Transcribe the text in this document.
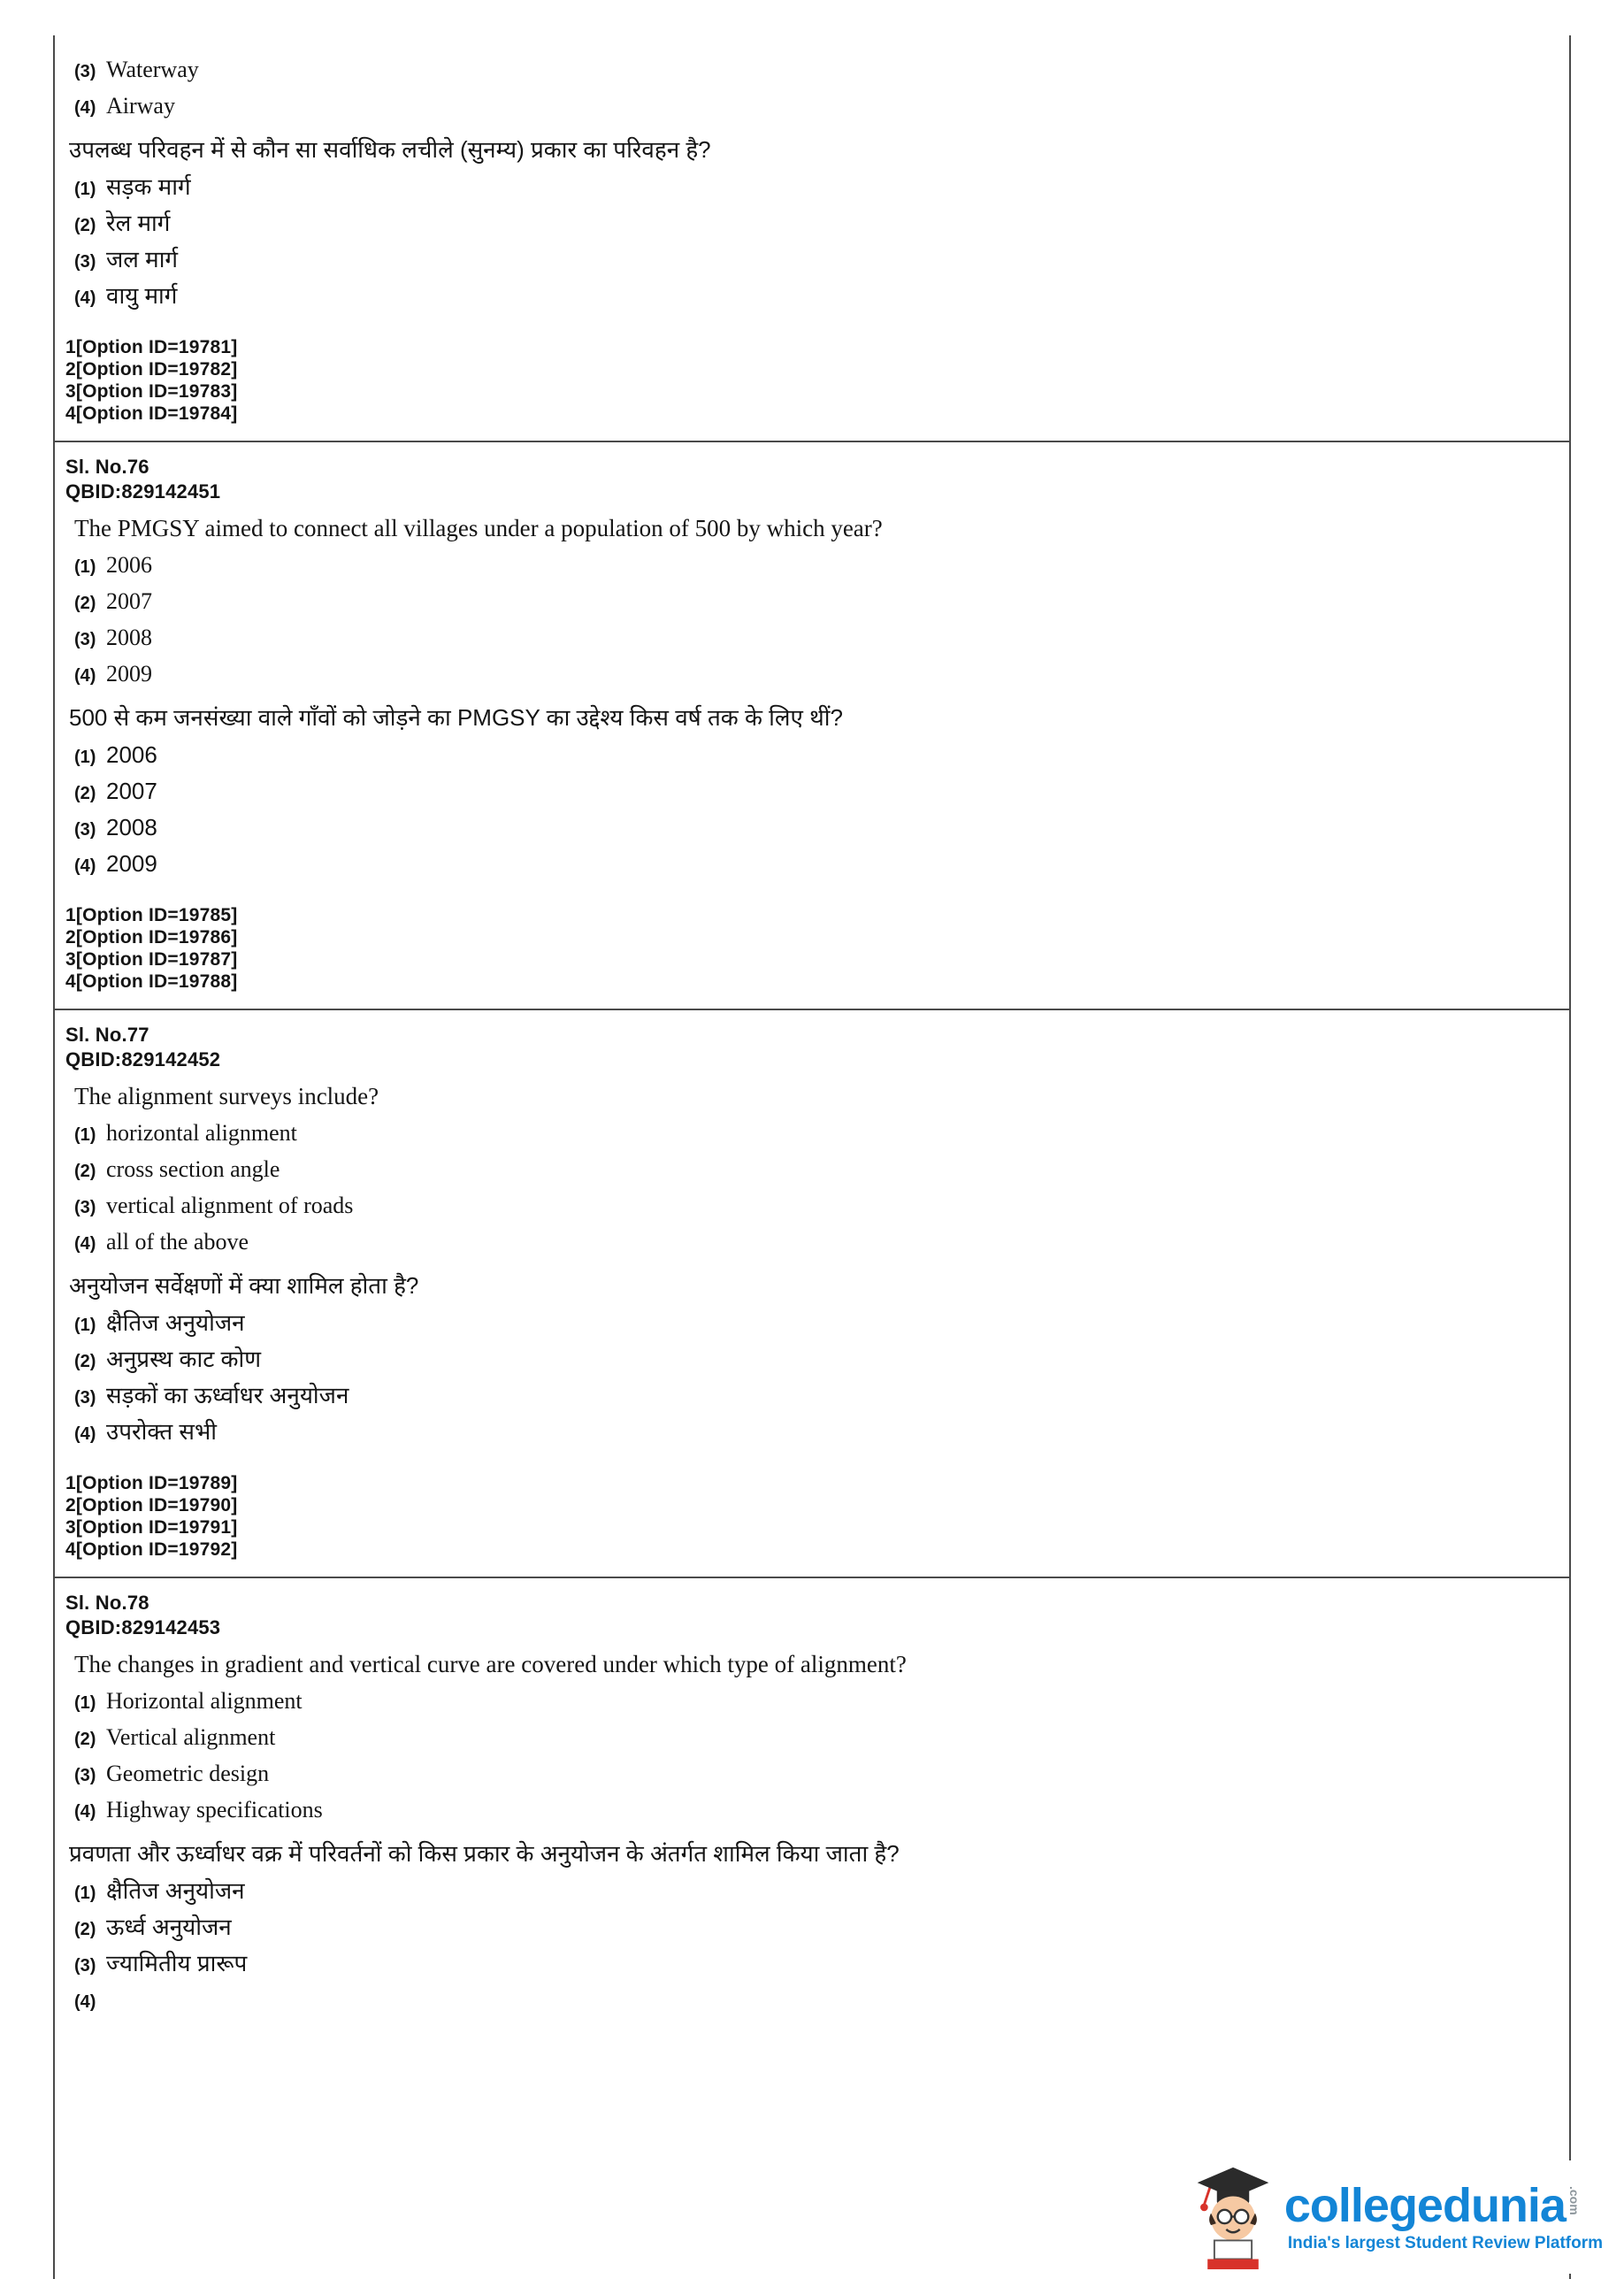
(3) Waterway
(4) Airway
उपलब्ध परिवहन में से कौन सा सर्वाधिक लचीले (सुनम्य) प्रकार का परिवहन है?
(1) सड़क मार्ग
(2) रेल मार्ग
(3) जल मार्ग
(4) वायु मार्ग
1[Option ID=19781]
2[Option ID=19782]
3[Option ID=19783]
4[Option ID=19784]
Sl. No.76
QBID:829142451
The PMGSY aimed to connect all villages under a population of 500 by which year?
(1) 2006
(2) 2007
(3) 2008
(4) 2009
500 से कम जनसंख्या वाले गाँवों को जोड़ने का PMGSY का उद्देश्य किस वर्ष तक के लिए थीं?
(1) 2006
(2) 2007
(3) 2008
(4) 2009
1[Option ID=19785]
2[Option ID=19786]
3[Option ID=19787]
4[Option ID=19788]
Sl. No.77
QBID:829142452
The alignment surveys include?
(1) horizontal alignment
(2) cross section angle
(3) vertical alignment of roads
(4) all of the above
अनुयोजन सर्वेक्षणों में क्या शामिल होता है?
(1) क्षैतिज अनुयोजन
(2) अनुप्रस्थ काट कोण
(3) सड़कों का ऊर्ध्वाधर अनुयोजन
(4) उपरोक्त सभी
1[Option ID=19789]
2[Option ID=19790]
3[Option ID=19791]
4[Option ID=19792]
Sl. No.78
QBID:829142453
The changes in gradient and vertical curve are covered under which type of alignment?
(1) Horizontal alignment
(2) Vertical alignment
(3) Geometric design
(4) Highway specifications
प्रवणता और ऊर्ध्वाधर वक्र में परिवर्तनों को किस प्रकार के अनुयोजन के अंतर्गत शामिल किया जाता है?
(1) क्षैतिज अनुयोजन
(2) ऊर्ध्व अनुयोजन
(3) ज्यामितीय प्रारूप
(4)
collegedunia .com
India's largest Student Review Platform
